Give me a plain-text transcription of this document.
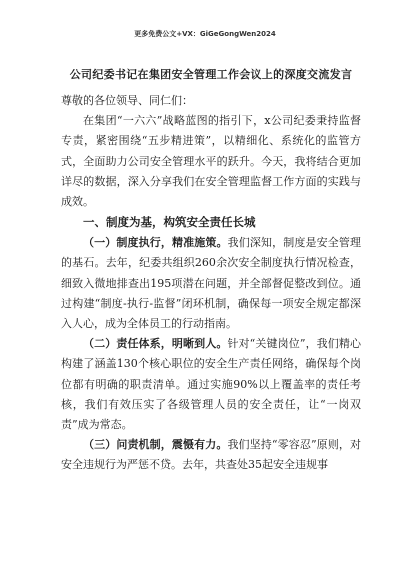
更多免费公文+VX：GiGeGongWen2024
公司纪委书记在集团安全管理工作会议上的深度交流发言

尊敬的各位领导、同仁们：

在集团“一六六”战略蓝图的指引下，x公司纪委秉持监督专责，紧密围绕“五步精进策”，以精细化、系统化的监管方式，全面助力公司安全管理水平的跃升。今天，我将结合更加详尽的数据，深入分享我们在安全管理监督工作方面的实践与成效。

一、制度为基，构筑安全责任长城

（一）制度执行，精准施策。我们深知，制度是安全管理的基石。去年，纪委共组织260余次安全制度执行情况检查，细致入微地排查出195项潜在问题，并全部督促整改到位。通过构建“制度-执行-监督”闭环机制，确保每一项安全规定都深入人心，成为全体员工的行动指南。

（二）责任体系，明晰到人。针对“关键岗位”，我们精心构建了涵盖130个核心职位的安全生产责任网络，确保每个岗位都有明确的职责清单。通过实施90%以上覆盖率的责任考核，我们有效压实了各级管理人员的安全责任，让“一岗双责”成为常态。

（三）问责机制，震慑有力。我们坚持“零容忍”原则，对安全违规行为严惩不贷。去年，共查处35起安全违规事
